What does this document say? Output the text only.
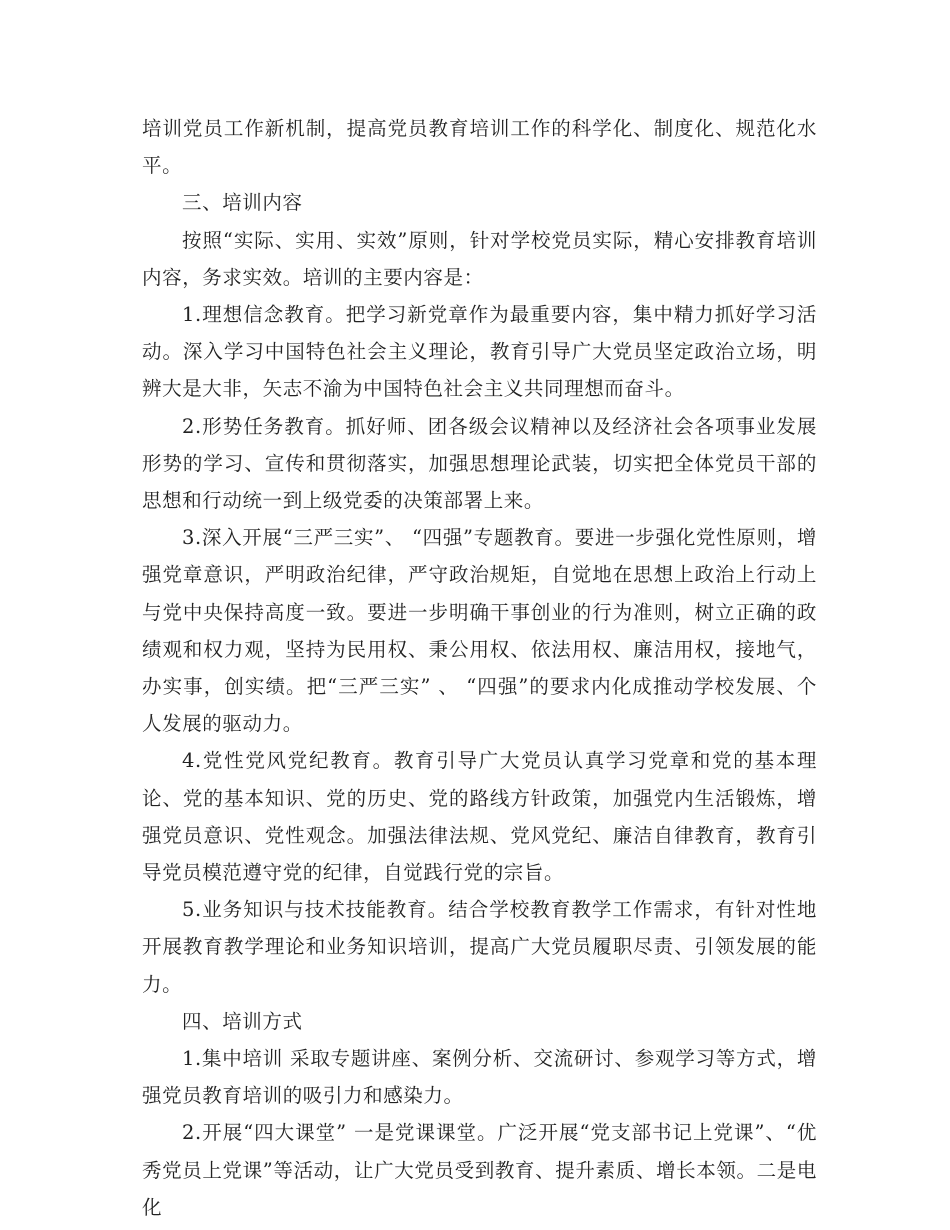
培训党员工作新机制，提高党员教育培训工作的科学化、制度化、规范化水平。

三、培训内容

按照“实际、实用、实效”原则，针对学校党员实际，精心安排教育培训内容，务求实效。培训的主要内容是：

1.理想信念教育。把学习新党章作为最重要内容，集中精力抓好学习活动。深入学习中国特色社会主义理论，教育引导广大党员坚定政治立场，明辨大是大非，矢志不渝为中国特色社会主义共同理想而奋斗。

2.形势任务教育。抓好师、团各级会议精神以及经济社会各项事业发展形势的学习、宣传和贯彻落实，加强思想理论武装，切实把全体党员干部的思想和行动统一到上级党委的决策部署上来。

3.深入开展“三严三实”、 “四强”专题教育。要进一步强化党性原则，增强党章意识，严明政治纪律，严守政治规矩，自觉地在思想上政治上行动上与党中央保持高度一致。要进一步明确干事创业的行为准则，树立正确的政绩观和权力观，坚持为民用权、秉公用权、依法用权、廉洁用权，接地气，办实事，创实绩。把“三严三实” 、 “四强”的要求内化成推动学校发展、个人发展的驱动力。

4.党性党风党纪教育。教育引导广大党员认真学习党章和党的基本理论、党的基本知识、党的历史、党的路线方针政策，加强党内生活锻炼，增强党员意识、党性观念。加强法律法规、党风党纪、廉洁自律教育，教育引导党员模范遵守党的纪律，自觉践行党的宗旨。

5.业务知识与技术技能教育。结合学校教育教学工作需求，有针对性地开展教育教学理论和业务知识培训，提高广大党员履职尽责、引领发展的能力。

四、培训方式

1.集中培训 采取专题讲座、案例分析、交流研讨、参观学习等方式，增强党员教育培训的吸引力和感染力。

2.开展“四大课堂” 一是党课课堂。广泛开展“党支部书记上党课”、“优秀党员上党课”等活动，让广大党员受到教育、提升素质、增长本领。二是电化
